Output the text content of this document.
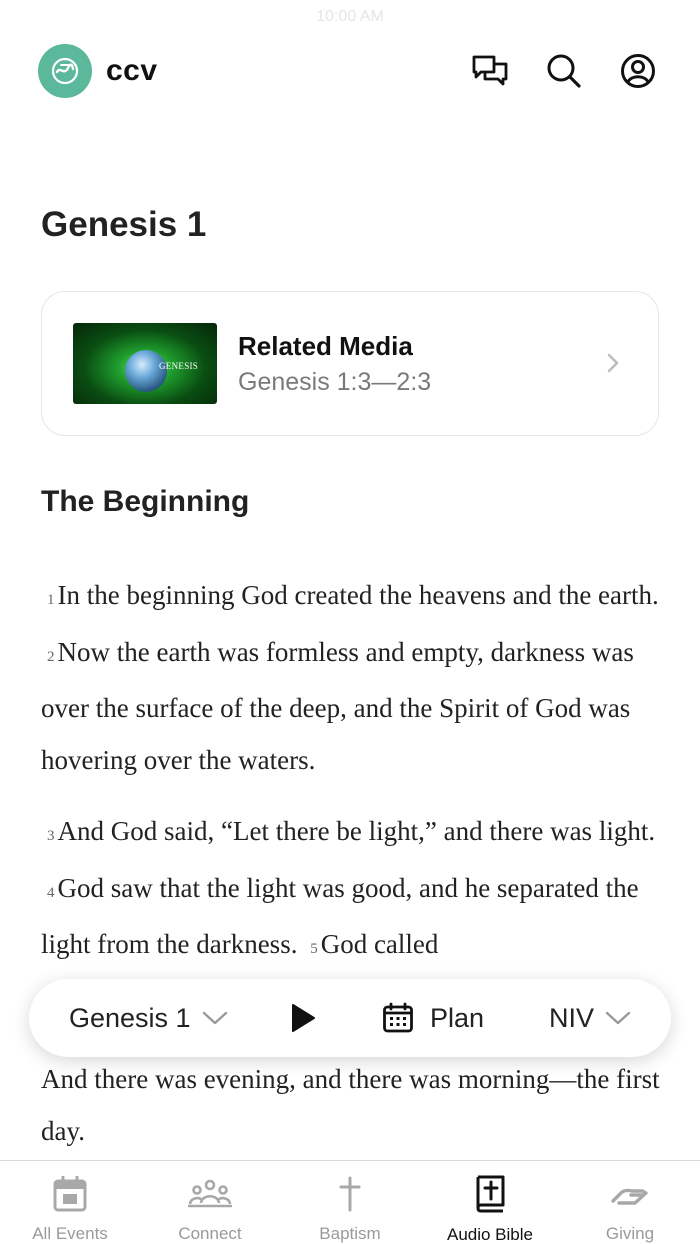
10:00 AM
ccv
Genesis 1
GENESIS
Related Media
Genesis 1:3—2:3
The Beginning

1 In the beginning God created the heavens and the earth. 2 Now the earth was formless and empty, darkness was over the surface of the deep, and the Spirit of God was hovering over the waters.

3 And God said, “Let there be light,” and there was light. 4 God saw that the light was good, and he separated the light from the darkness. 5 God called

And there was evening, and there was morning—the first day.
Genesis 1	Plan NIV
All Events	Connect	Baptism	Audio Bible	Giving
